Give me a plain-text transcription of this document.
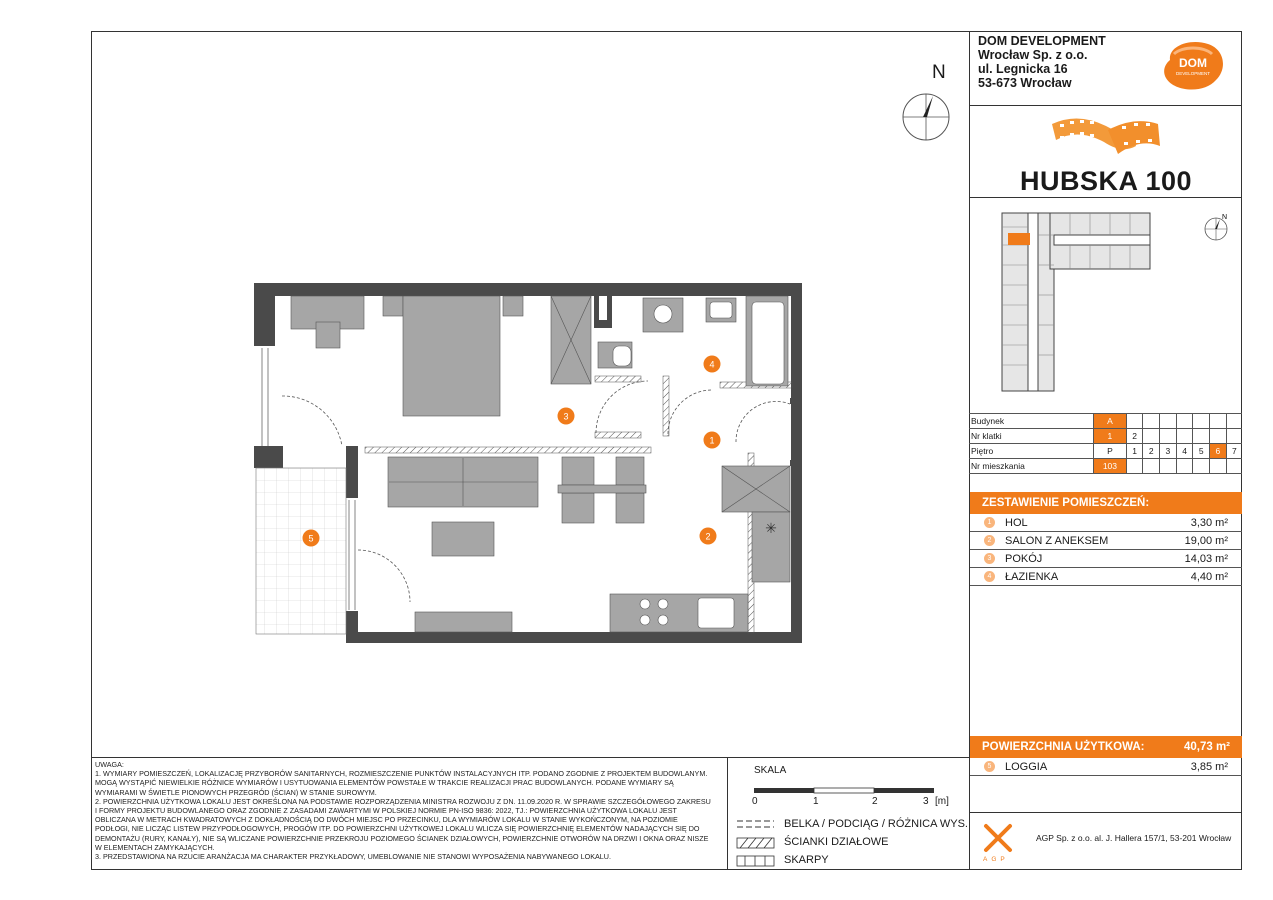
DOM DEVELOPMENT
Wrocław Sp. z o.o.
ul. Legnicka 16
53-673 Wrocław
DOM
DEVELOPMENT
HUBSKA 100
N
N
Budynek	A							
Nr klatki	1	2						
Piętro	P	1	2	3	4	5	6	7
Nr mieszkania	103							
ZESTAWIENIE POMIESZCZEŃ:
1	HOL	3,30 m²
2	SALON Z ANEKSEM	19,00 m²
3	POKÓJ	14,03 m²
4	ŁAZIENKA	4,40 m²
POWIERZCHNIA UŻYTKOWA:	40,73 m²
5	LOGGIA	3,85 m²
✳
1
2
3
4
5
UWAGA:
1. WYMIARY POMIESZCZEŃ, LOKALIZACJĘ PRZYBORÓW SANITARNYCH, ROZMIESZCZENIE PUNKTÓW INSTALACYJNYCH ITP. PODANO ZGODNIE Z PROJEKTEM BUDOWLANYM.
MOGĄ WYSTĄPIĆ NIEWIELKIE RÓŻNICE WYMIARÓW I USYTUOWANIA ELEMENTÓW POWSTAŁE W TRAKCIE REALIZACJI PRAC BUDOWLANYCH. PODANE WYMIARY SĄ
WYMIARAMI W ŚWIETLE PIONOWYCH PRZEGRÓD (ŚCIAN) W STANIE SUROWYM.
2. POWIERZCHNIA UŻYTKOWA LOKALU JEST OKREŚLONA NA PODSTAWIE ROZPORZĄDZENIA MINISTRA ROZWOJU Z DN. 11.09.2020 R. W SPRAWIE SZCZEGÓŁOWEGO ZAKRESU
I FORMY PROJEKTU BUDOWLANEGO ORAZ ZGODNIE Z ZASADAMI ZAWARTYMI W POLSKIEJ NORMIE PN-ISO 9836: 2022, TJ.: POWIERZCHNIA UŻYTKOWA LOKALU JEST
OBLICZANA W METRACH KWADRATOWYCH Z DOKŁADNOŚCIĄ DO DWÓCH MIEJSC PO PRZECINKU, DLA WYMIARÓW LOKALU W STANIE WYKOŃCZONYM, NA POZIOMIE
PODŁOGI, NIE LICZĄC LISTEW PRZYPODŁOGOWYCH, PROGÓW ITP. DO POWIERZCHNI UŻYTKOWEJ LOKALU WLICZA SIĘ POWIERZCHNIĘ ELEMENTÓW NADAJĄCYCH SIĘ DO
DEMONTAŻU (RURY, KANAŁY), NIE SĄ WLICZANE POWIERZCHNIE PRZEKROJU POZIOMEGO ŚCIANEK DZIAŁOWYCH, POWIERZCHNIE OTWORÓW NA DRZWI I OKNA ORAZ NISZE
W ELEMENTACH ZAMYKAJĄCYCH.
3. PRZEDSTAWIONA NA RZUCIE ARANŻACJA MA CHARAKTER PRZYKŁADOWY, UMEBLOWANIE NIE STANOWI WYPOSAŻENIA NABYWANEGO LOKALU.
SKALA
0	1	2	3 [m]
BELKA / PODCIĄG / RÓŻNICA WYS.
ŚCIANKI DZIAŁOWE
SKARPY	AGP
AGP Sp. z o.o. al. J. Hallera 157/1, 53-201 Wrocław
